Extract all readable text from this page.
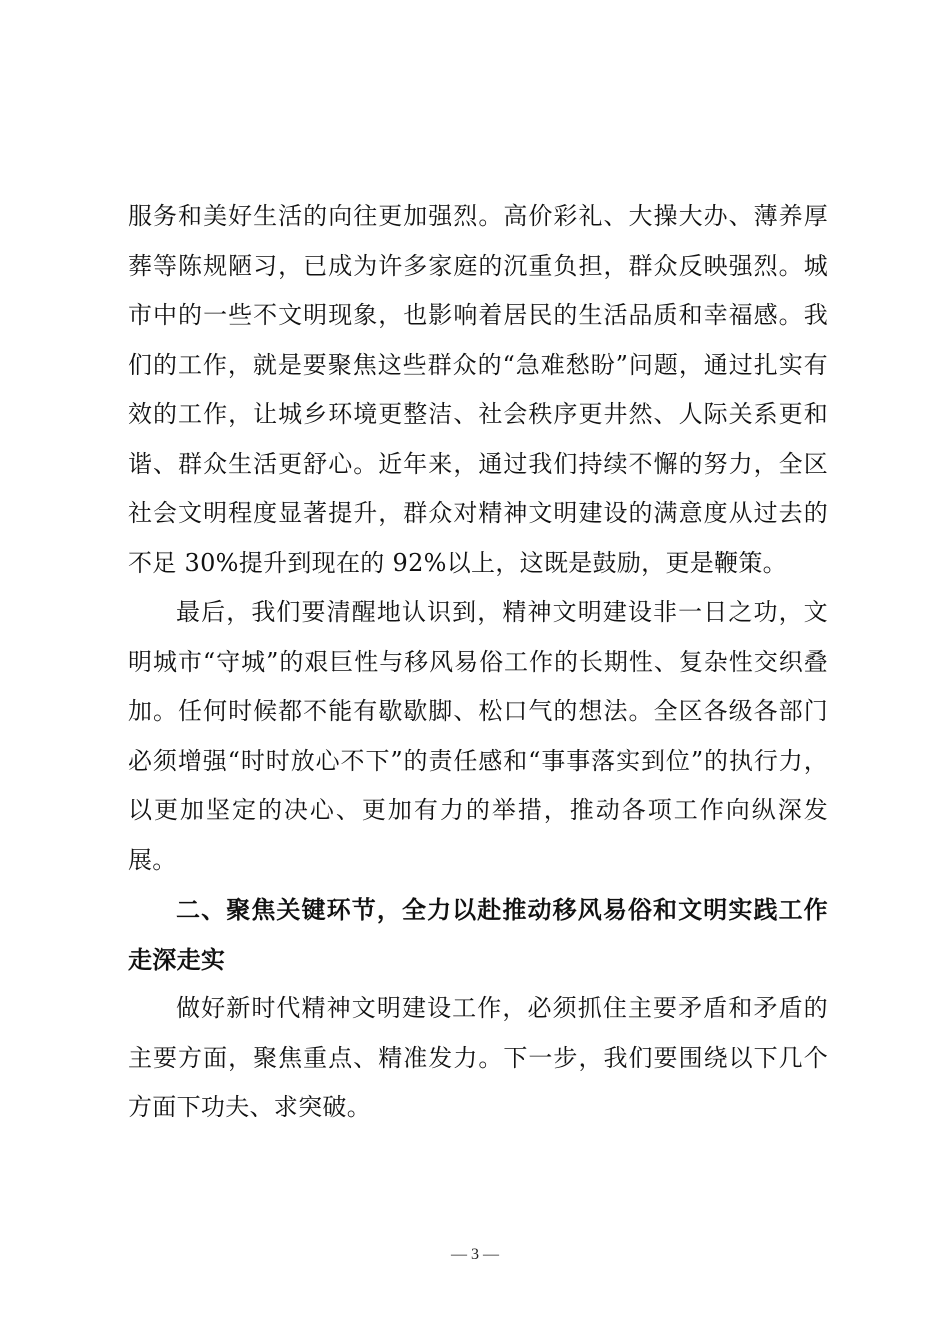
服务和美好生活的向往更加强烈。高价彩礼、大操大办、薄养厚葬等陈规陋习，已成为许多家庭的沉重负担，群众反映强烈。城市中的一些不文明现象，也影响着居民的生活品质和幸福感。我们的工作，就是要聚焦这些群众的“急难愁盼”问题，通过扎实有效的工作，让城乡环境更整洁、社会秩序更井然、人际关系更和谐、群众生活更舒心。近年来，通过我们持续不懈的努力，全区社会文明程度显著提升，群众对精神文明建设的满意度从过去的不足 30%提升到现在的 92%以上，这既是鼓励，更是鞭策。

最后，我们要清醒地认识到，精神文明建设非一日之功，文明城市“守城”的艰巨性与移风易俗工作的长期性、复杂性交织叠加。任何时候都不能有歇歇脚、松口气的想法。全区各级各部门必须增强“时时放心不下”的责任感和“事事落实到位”的执行力，以更加坚定的决心、更加有力的举措，推动各项工作向纵深发展。

二、聚焦关键环节，全力以赴推动移风易俗和文明实践工作走深走实

做好新时代精神文明建设工作，必须抓住主要矛盾和矛盾的主要方面，聚焦重点、精准发力。下一步，我们要围绕以下几个方面下功夫、求突破。

— 3 —
